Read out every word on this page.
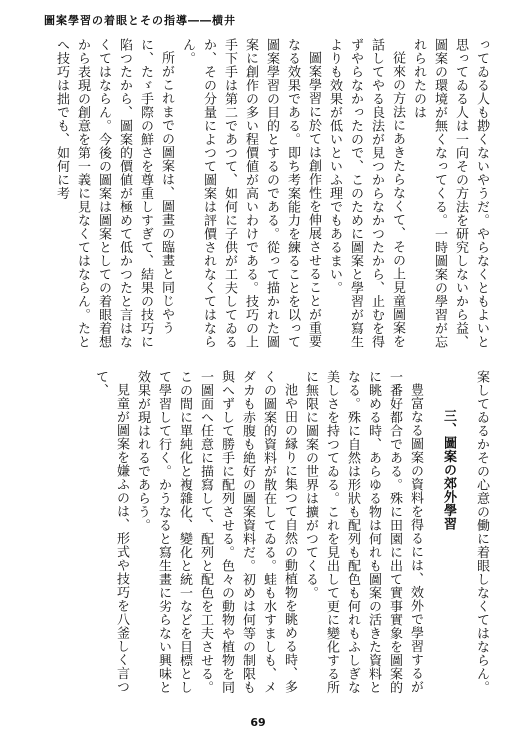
圖案學習の着眼とその指導――横井

ってゐる人も尠くないやうだ。やらなくともよいと思ってゐる人は一向その方法を研究しないから益、圖案の環境が無くなってくる。一時圖案の學習が忘れられたのは

従來の方法にあきたらなくて、その上見童圖案を話してやる良法が見つからなかつたから、止むを得ずやらなかったので、このために圖案と學習が寫生よりも效果が低いといふ理でもあるまい。

圖案學習に於ては創作性を伸展させることが重要なる效果である。即ち考案能力を練ることを以って圖案學習の目的とするのである。從って描かれた圖案に創作の多い程價値が高いわけである。技巧の上手下手は第二であつて、如何に子供が工夫してゐるか、その分量によつて圖案は評價されなくてはならん。

所がこれまでの圖案は、圖畫の臨畫と同じやうに、たゞ手際の鮮さを尊重しすぎて、結果の技巧に陷つたから、圖案的價値が極めて低かつたと言はなくてはならん。今後の圖案は圖案としての着眼着想から表現の創意を第一義に見なくてはならん。たとへ技巧は拙でも、如何に考

案してゐるかその心意の働に着眼しなくてはならん。

三、圖案の郊外學習

豊富なる圖案の資料を得るには、效外で學習するが一番好都合である。殊に田園に出て實事實象を圖案的に眺める時、あらゆる物は何れも圖案の活きた資料となる。殊に自然は形狀も配列も配色も何れもふしぎな美しさを持つてゐる。これを見出して更に變化する所に無限に圖案の世界は擴がつてくる。

池や田の縁りに集つて自然の動植物を眺める時、多くの圖案的資料が散在してゐる。蛙も水すましも、メダカも赤腹も絶好の圖案資料だ。初めは何等の制限も與へずして勝手に配列させる。色々の動物や植物を同一圖面へ任意に描寫して、配列と配色を工夫させる。この間に單純化と複雜化、變化と統一などを目標として學習して行く。かうなると寫生畫に劣らない興味と效果が現はれるであらう。

見童が圖案を嫌ふのは、形式や技巧を八釜しく言つて、

69
